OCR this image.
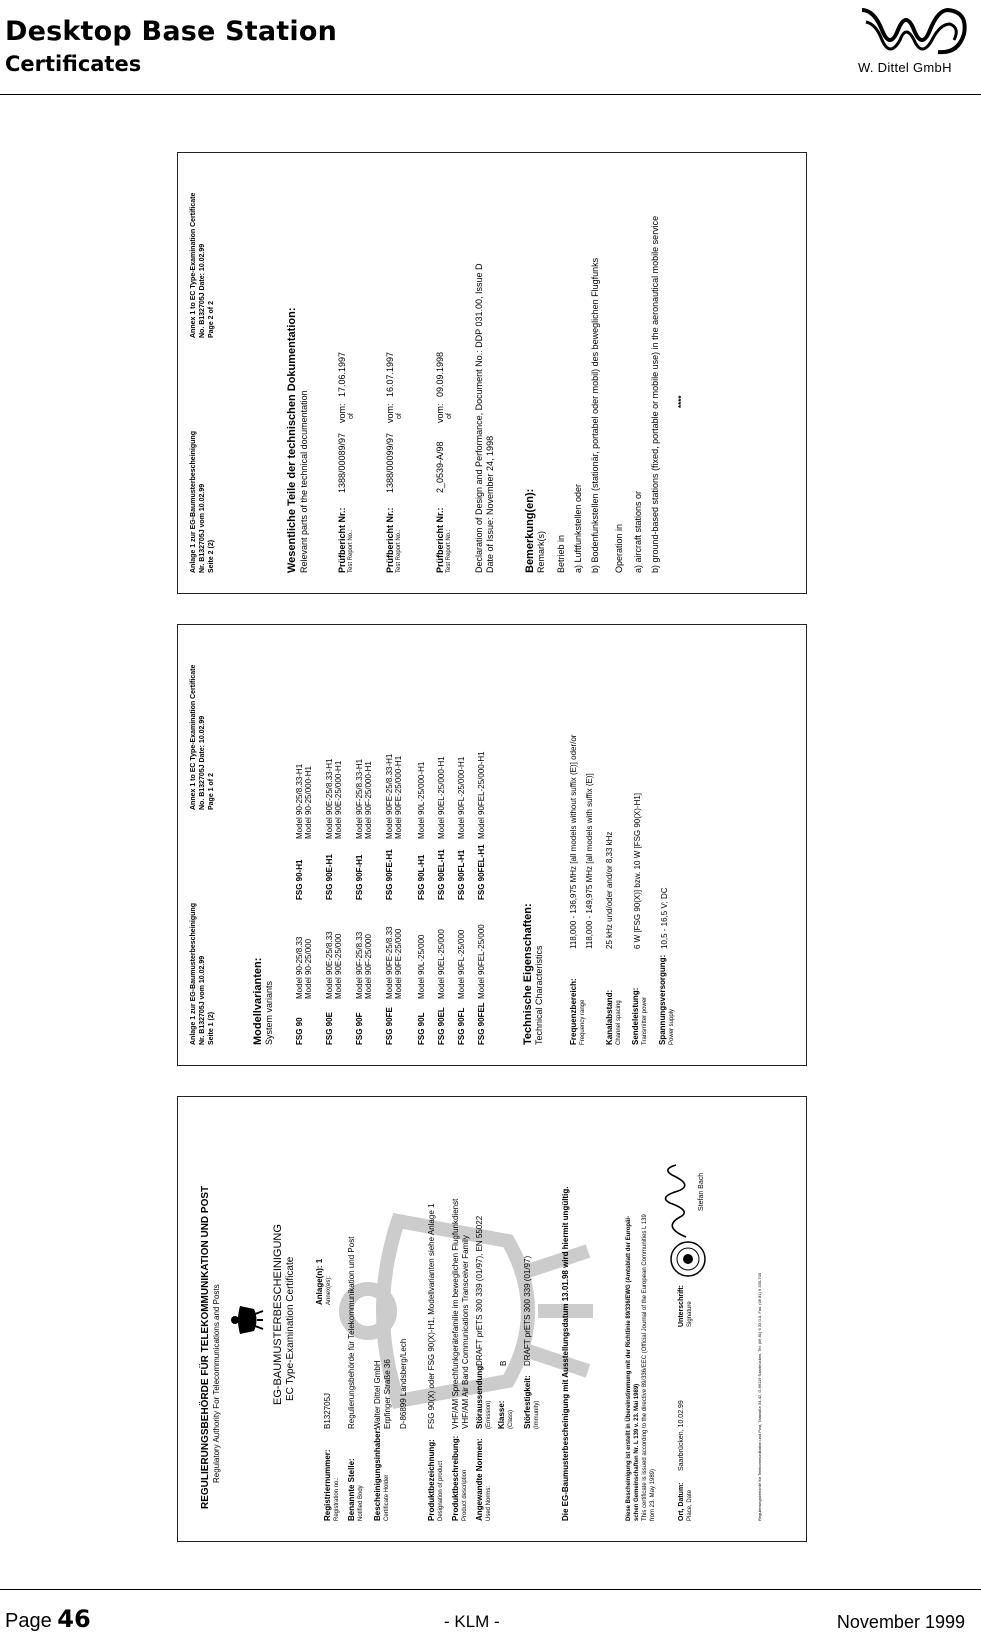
Desktop Base Station
Certificates	W. Dittel GmbH
Anlage 1 zur EG-Baumusterbescheinigung Nr. B132705J vom 10.02.99 Seite 2 (2)
Annex 1 to EC Type-Examination Certificate No. B132705J Date: 10.02.99 Page 2 of 2	Wesentliche Teile der technischen Dokumentation: Relevant parts of the technical documentation	Prüfbericht Nr.: Test Report No.:
1388/00089/97
vom: of
17.06.1997
Prüfbericht Nr.: Test Report No.:
1388/00099/97
vom: of
16.07.1997
Prüfbericht Nr.: Test Report No.:
2_0539-A/98
vom: of
09.09.1998	Declaration of Design and Performance, Document No.: DDP 031.00, Issue D Date of Issue: November 24, 1998	Bemerkung(en): Remark(s) Betrieb in a) Luftfunkstellen oder b) Bodenfunkstellen (stationär, portabel oder mobil) des beweglichen Flugfunks Operation in a) aircraft stations or b) ground-based stations (fixed, portable or mobile use) in the aeronautical mobile service ****
Anlage 1 zur EG-Baumusterbescheinigung Nr. B132705J vom 10.02.99 Seite 1 (2)
Annex 1 to EC Type-Examination Certificate No. B132705J Date: 10.02.99 Page 1 of 2
Modellvarianten: System variants	FSG 90
Model 90-25/8.33 Model 90-25/000
FSG 90-H1
Model 90-25/8.33-H1 Model 90-25/000-H1
FSG 90E
Model 90E-25/8.33 Model 90E-25/000
FSG 90E-H1
Model 90E-25/8.33-H1 Model 90E-25/000-H1
FSG 90F
Model 90F-25/8.33 Model 90F-25/000
FSG 90F-H1
Model 90F-25/8.33-H1 Model 90F-25/000-H1
FSG 90FE
Model 90FE-25/8.33 Model 90FE-25/000
FSG 90FE-H1
Model 90FE-25/8.33-H1 Model 90FE-25/000-H1
FSG 90L
Model 90L-25/000
FSG 90L-H1
Model 90L-25/000-H1
FSG 90EL
Model 90EL-25/000
FSG 90EL-H1
Model 90EL-25/000-H1
FSG 90FL
Model 90FL-25/000
FSG 90FL-H1
Model 90FL-25/000-H1
FSG 90FEL
Model 90FEL-25/000
FSG 90FEL-H1
Model 90FEL-25/000-H1
Technische Eigenschaften: Technical Characteristics	Frequenzbereich: Frequency range
118,000 - 136,975 MHz [all models without suffix (E)] oder/or 118,000 - 149,975 MHz [all models with suffix (E)]
Kanalabstand: Channel spacing
25 kHz und/oder and/or 8,33 kHz
Sendeleistung: Transmitter power
6 W [FSG 90(X)] bzw. 10 W [FSG 90(X)-H1]
Spannungsversorgung: Power supply
10,5 - 16,5 V; DC
REGULIERUNGSBEHÖRDE FÜR TELEKOMMUNIKATION UND POST Regulatory Authority For Telecommunications and Posts	EG-BAUMUSTERBESCHEINIGUNG EC Type-Examination Certificate
Registriernummer: Registration no.:
B132705J
Anlage(n): 1 Annex(es):
Benannte Stelle: Notified Body
Regulierungsbehörde für Telekommunikation und Post
Bescheinigungsinhaber: Certificate Holder
Walter Dittel GmbH Erpfinger Straße 36 D-86899 Landsberg/Lech
Produktbezeichnung: Designation of product
FSG 90(X) oder FSG 90(X)-H1, Modellvarianten siehe Anlage 1
Produktbeschreibung: Product description
VHF/AM Sprechfunkgerätefamilie im beweglichen Flugfunkdienst VHF/AM Air Band Communications Transceiver Family
Angewandte Normen: Used Norms:
Störaussendung: (Emission)
DRAFT prETS 300 339 (01/97), EN 55022
Klasse: (Class)
B
Störfestigkeit: (Immunity)
DRAFT prETS 300 339 (01/97)	Die EG-Baumusterbescheinigung mit Ausstellungsdatum 13.01.98 wird hiermit ungültig.	Diese Bescheinigung ist erstellt in Übereinstimmung mit der Richtlinie 89/336/EWG (Amtsblatt der Europäi- schen Gemeinschaften Nr. L 139 v. 23. Mai 1989) This certificate is issued according to the directive 89/336/EEC (Official Journal of the European Communities L 139 from 23. May 1989)	Ort, Datum: Place, Date
Saarbrücken, 10.02.99
Unterschrift: Signature
Stefan Bach
Regulierungsbehörde für Telekommunikation und Post, Talstraße 34-42, D-66119 Saarbrücken, Tel: (06 81) 9 33 0-0, Fax: (06 81) 9 330-700
Page 46	- KLM -	November 1999
